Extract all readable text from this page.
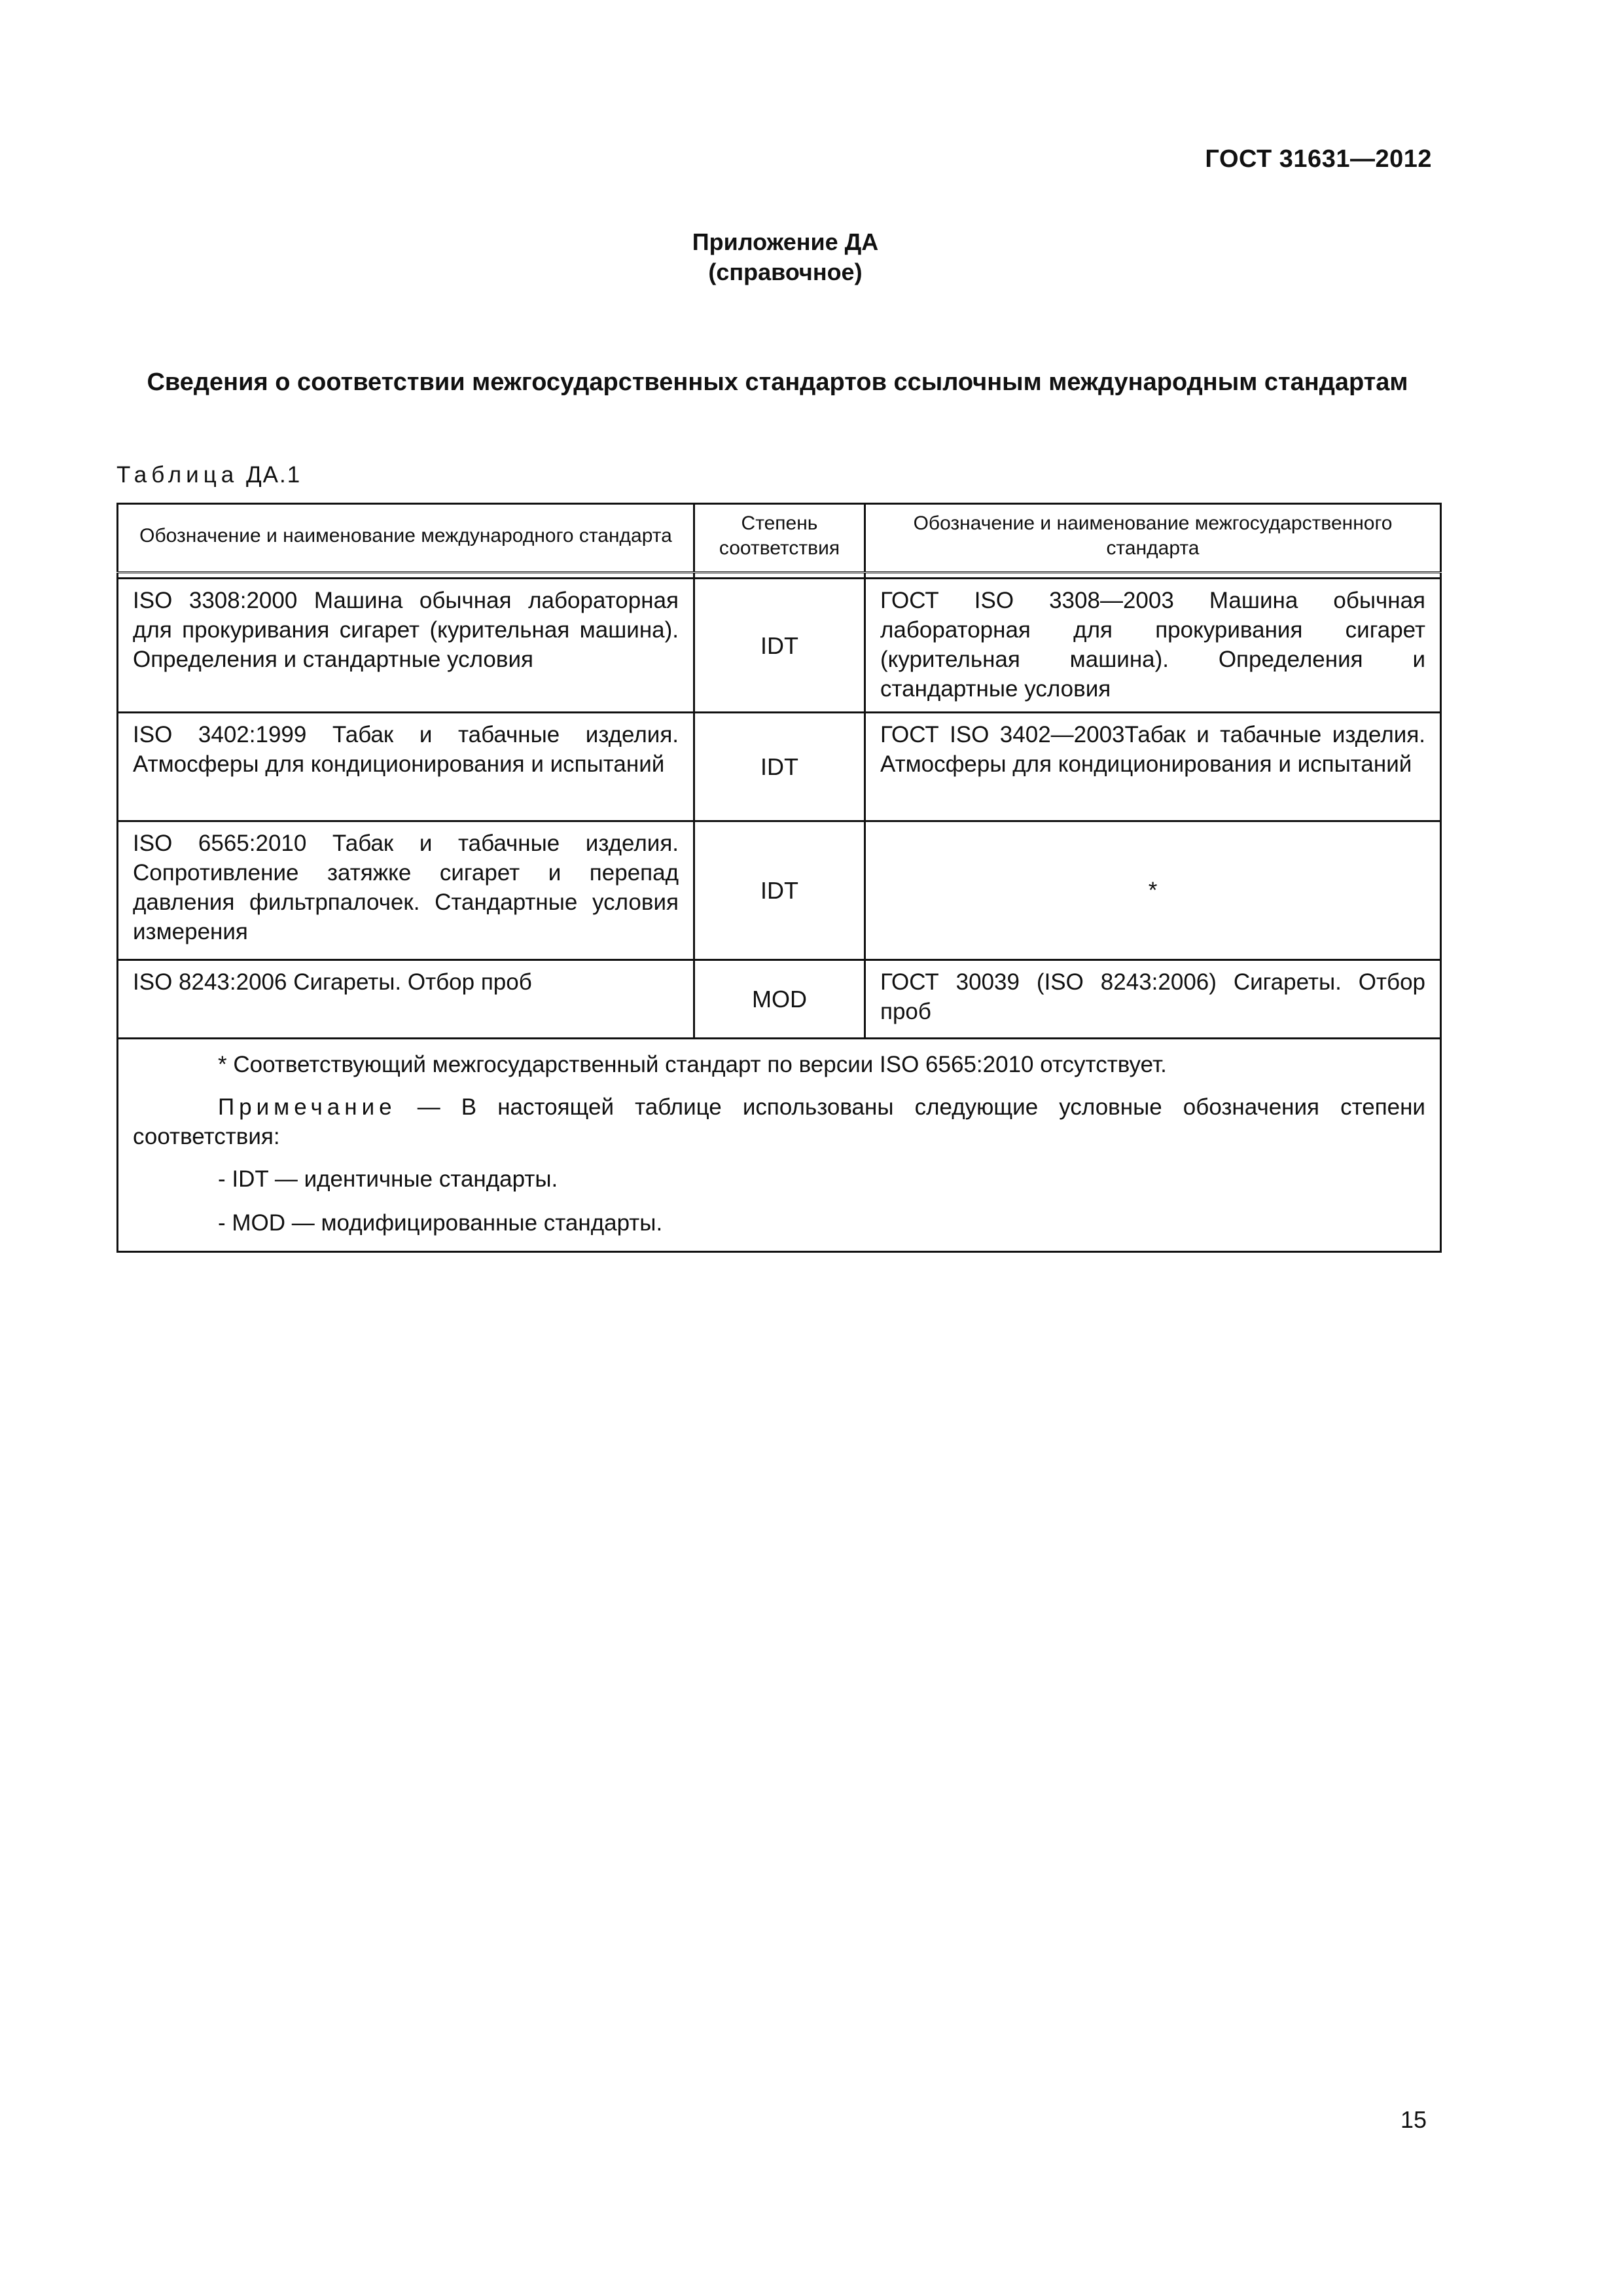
ГОСТ 31631—2012
Приложение ДА
(справочное)
Сведения о соответствии межгосударственных стандартов ссылочным международным стандартам
Таблица ДА.1
Обозначение и наименование международного стандарта	Степень соответствия	Обозначение и наименование межгосударственного стандарта

ISO 3308:2000 Машина обычная лабораторная для прокуривания сигарет (курительная машина). Определения и стандартные условия	IDT	ГОСТ ISO 3308—2003 Машина обычная лабораторная для прокуривания сигарет (курительная машина). Определения и стандартные условия
ISO 3402:1999 Табак и табачные изделия. Атмосферы для кондиционирования и испытаний	IDT	ГОСТ ISO 3402—2003Табак и табачные изделия. Атмосферы для кондиционирования и испытаний
ISO 6565:2010 Табак и табачные изделия. Сопротивление затяжке сигарет и перепад давления фильтрпалочек. Стандартные условия измерения	IDT	*
ISO 8243:2006 Сигареты. Отбор проб	MOD	ГОСТ 30039 (ISO 8243:2006) Сигареты. Отбор проб

* Соответствующий межгосударственный стандарт по версии ISO 6565:2010 отсутствует.

Примечание — В настоящей таблице использованы следующие условные обозначения степени соответствия:

- IDT — идентичные стандарты.

- MOD — модифицированные стандарты.		

15
